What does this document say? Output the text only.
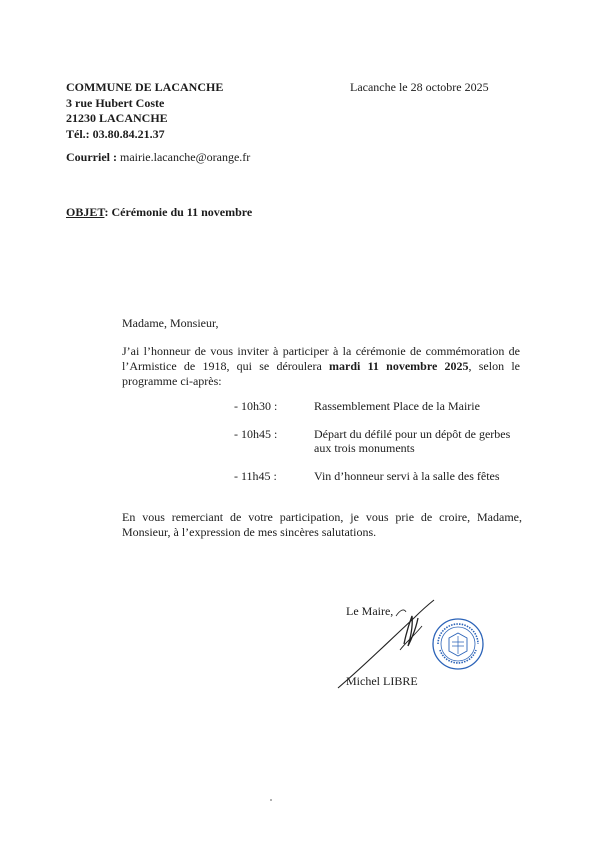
COMMUNE DE LACANCHE
3 rue Hubert Coste
21230 LACANCHE
Tél.: 03.80.84.21.37
Lacanche le 28 octobre 2025
Courriel : mairie.lacanche@orange.fr
OBJET: Cérémonie du 11 novembre
Madame, Monsieur,
J’ai l’honneur de vous inviter à participer à la cérémonie de commémoration de l’Armistice de 1918, qui se déroulera mardi 11 novembre 2025, selon le programme ci-après:
- 10h30 :	Rassemblement Place de la Mairie
- 10h45 :	Départ du défilé pour un dépôt de gerbes aux trois monuments
- 11h45 :	Vin d’honneur servi à la salle des fêtes
En vous remerciant de votre participation, je vous prie de croire, Madame, Monsieur, à l’expression de mes sincères salutations.
Le Maire,
Michel LIBRE
